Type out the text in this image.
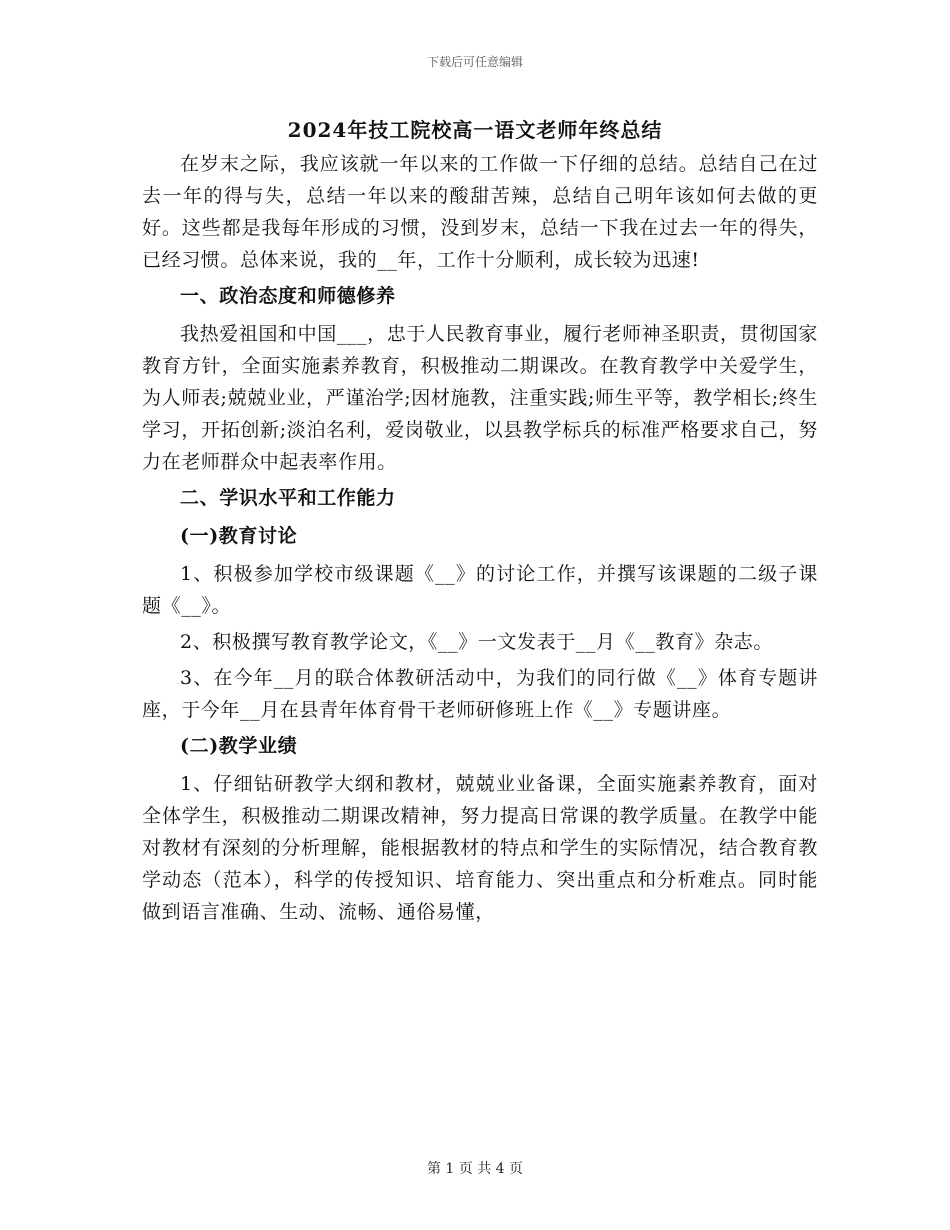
下载后可任意编辑
2024年技工院校高一语文老师年终总结

在岁末之际，我应该就一年以来的工作做一下仔细的总结。总结自己在过去一年的得与失，总结一年以来的酸甜苦辣，总结自己明年该如何去做的更好。这些都是我每年形成的习惯，没到岁末，总结一下我在过去一年的得失，已经习惯。总体来说，我的__年，工作十分顺利，成长较为迅速!

一、政治态度和师德修养

我热爱祖国和中国___，忠于人民教育事业，履行老师神圣职责，贯彻国家教育方针，全面实施素养教育，积极推动二期课改。在教育教学中关爱学生，为人师表;兢兢业业，严谨治学;因材施教，注重实践;师生平等，教学相长;终生学习，开拓创新;淡泊名利，爱岗敬业，以县教学标兵的标准严格要求自己，努力在老师群众中起表率作用。

二、学识水平和工作能力

(一)教育讨论

1、积极参加学校市级课题《__》的讨论工作，并撰写该课题的二级子课题《__》。

2、积极撰写教育教学论文，《__》一文发表于__月《__教育》杂志。

3、在今年__月的联合体教研活动中，为我们的同行做《__》体育专题讲座，于今年__月在县青年体育骨干老师研修班上作《__》专题讲座。

(二)教学业绩

1、仔细钻研教学大纲和教材，兢兢业业备课，全面实施素养教育，面对全体学生，积极推动二期课改精神，努力提高日常课的教学质量。在教学中能对教材有深刻的分析理解，能根据教材的特点和学生的实际情况，结合教育教学动态（范本），科学的传授知识、培育能力、突出重点和分析难点。同时能做到语言准确、生动、流畅、通俗易懂，

第 1 页 共 4 页
